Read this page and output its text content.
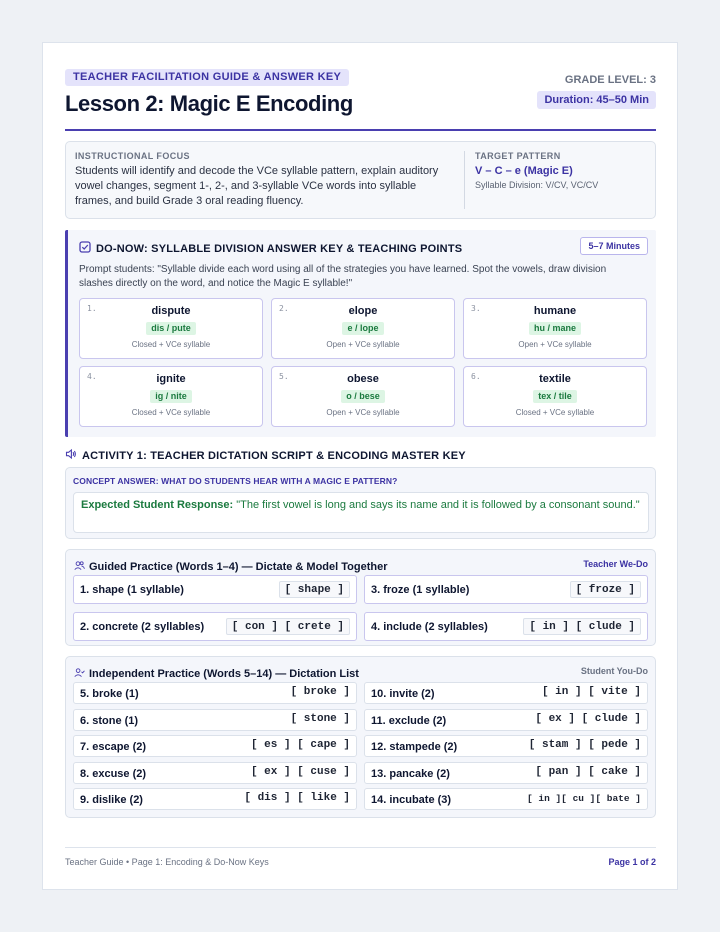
TEACHER FACILITATION GUIDE & ANSWER KEY
Lesson 2: Magic E Encoding
GRADE LEVEL: 3
Duration: 45–50 Min
INSTRUCTIONAL FOCUS
Students will identify and decode the VCe syllable pattern, explain auditory vowel changes, segment 1-, 2-, and 3-syllable VCe words into syllable frames, and build Grade 3 oral reading fluency.
TARGET PATTERN
V – C – e (Magic E)
Syllable Division: V/CV, VC/CV
DO-NOW: SYLLABLE DIVISION ANSWER KEY & TEACHING POINTS	5–7 Minutes
Prompt students: "Syllable divide each word using all of the strategies you have learned. Spot the vowels, draw division slashes directly on the word, and notice the Magic E syllable!"
1.	dispute
dis / pute
Closed + VCe syllable
2.	elope
e / lope
Open + VCe syllable
3.	humane
hu / mane
Open + VCe syllable
4.	ignite
ig / nite
Closed + VCe syllable
5.	obese
o / bese
Open + VCe syllable
6.	textile
tex / tile
Closed + VCe syllable
ACTIVITY 1: TEACHER DICTATION SCRIPT & ENCODING MASTER KEY
CONCEPT ANSWER: WHAT DO STUDENTS HEAR WITH A MAGIC E PATTERN?
Expected Student Response: "The first vowel is long and says its name and it is followed by a consonant sound."
Guided Practice (Words 1–4) — Dictate & Model Together	Teacher We-Do
1. shape (1 syllable)	[ shape ]	3. froze (1 syllable)	[ froze ]
2. concrete (2 syllables)	[ con ] [ crete ]	4. include (2 syllables)	[ in ] [ clude ]
Independent Practice (Words 5–14) — Dictation List	Student You-Do
5. broke (1)	[ broke ] 10. invite (2)	[ in ] [ vite ]
6. stone (1)	[ stone ] 11. exclude (2)	[ ex ] [ clude ]
7. escape (2)	[ es ] [ cape ] 12. stampede (2)	[ stam ] [ pede ]
8. excuse (2)	[ ex ] [ cuse ] 13. pancake (2)	[ pan ] [ cake ]
9. dislike (2)	[ dis ] [ like ] 14. incubate (3)	[ in ][ cu ][ bate ]
Teacher Guide • Page 1: Encoding & Do-Now Keys	Page 1 of 2
